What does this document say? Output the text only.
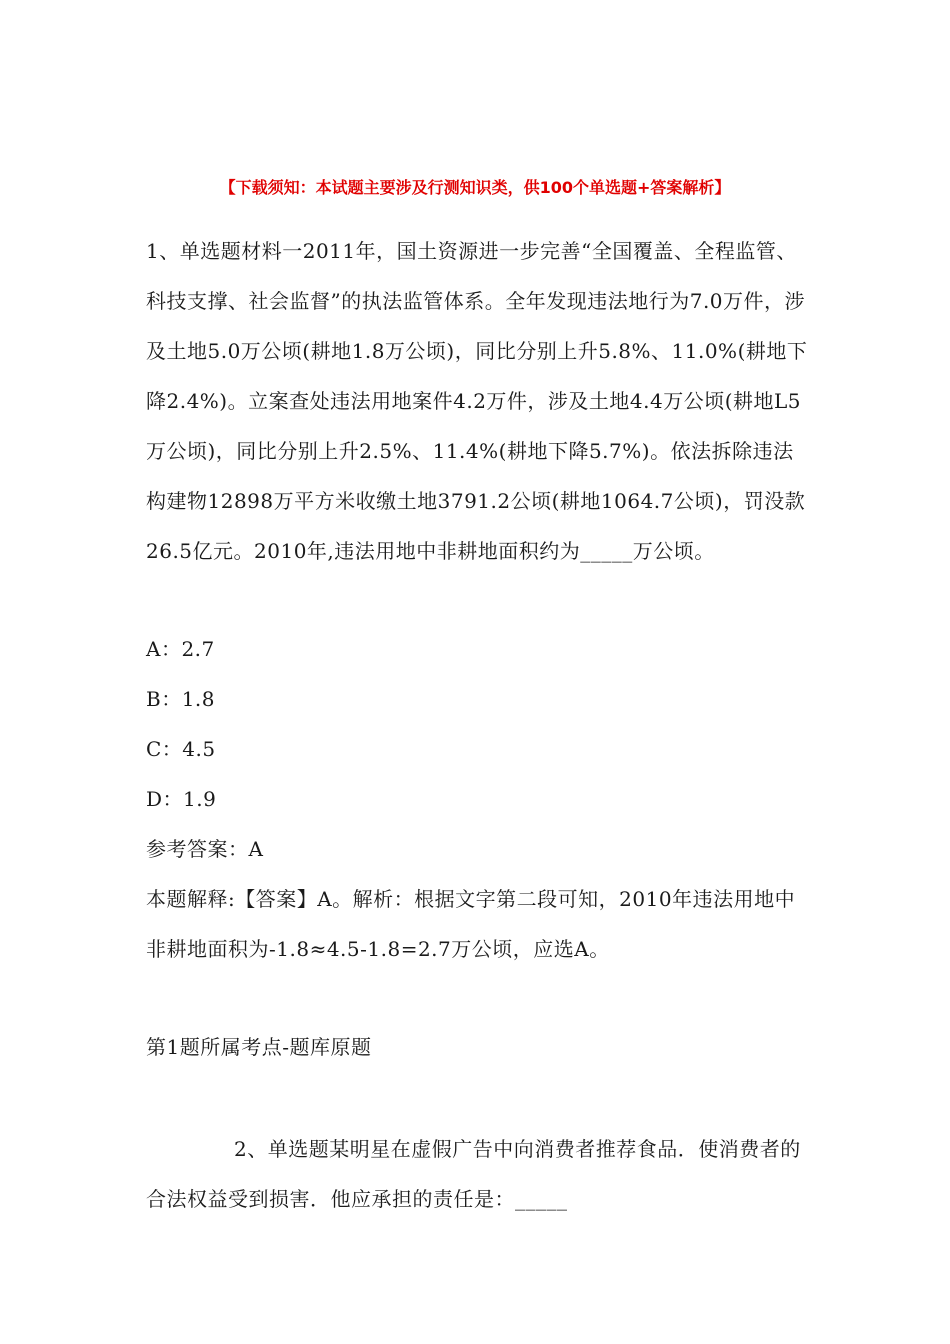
【下载须知：本试题主要涉及行测知识类，供100个单选题+答案解析】

1、单选题材料一2011年，国土资源进一步完善“全国覆盖、全程监管、科技支撑、社会监督”的执法监管体系。全年发现违法地行为7.0万件，涉及土地5.0万公顷(耕地1.8万公顷)，同比分别上升5.8%、11.0%(耕地下降2.4%)。立案查处违法用地案件4.2万件，涉及土地4.4万公顷(耕地L5万公顷)，同比分别上升2.5%、11.4%(耕地下降5.7%)。依法拆除违法构建物12898万平方米收缴土地3791.2公顷(耕地1064.7公顷)，罚没款26.5亿元。2010年,违法用地中非耕地面积约为_____万公顷。

A：2.7
B：1.8
C：4.5
D：1.9
参考答案：A

本题解释:【答案】A。解析：根据文字第二段可知，2010年违法用地中非耕地面积为-1.8≈4.5-1.8=2.7万公顷，应选A。

第1题所属考点-题库原题

2、单选题某明星在虚假广告中向消费者推荐食品．使消费者的合法权益受到损害．他应承担的责任是：_____
